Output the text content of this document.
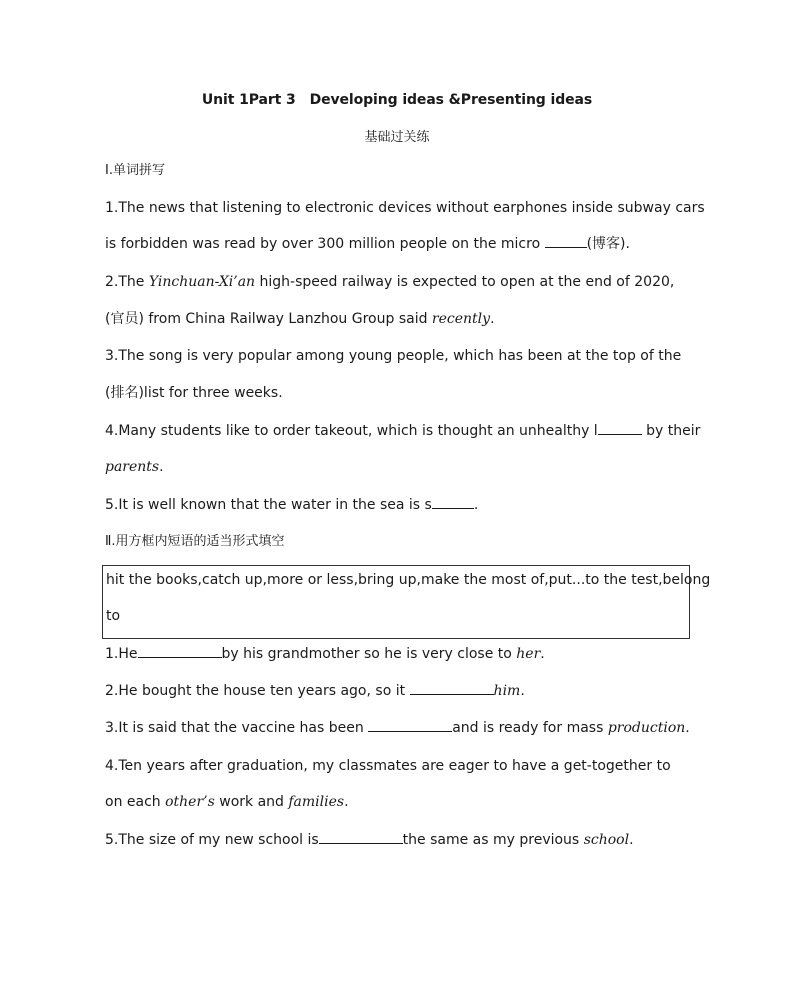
Unit 1Part 3　Developing ideas &Presenting ideas
基础过关练
Ⅰ.单词拼写
1.The news that listening to electronic devices without earphones inside subway cars
is forbidden was read by over 300 million people on the micro	(博客).
2.The Yinchuan-Xi’an high-speed railway is expected to open at the end of 2020,
(官员) from China Railway Lanzhou Group said recently.
3.The song is very popular among young people, which has been at the top of the
(排名)list for three weeks.
4.Many students like to order takeout, which is thought an unhealthy l	by their
parents.
5.It is well known that the water in the sea is s	.
Ⅱ.用方框内短语的适当形式填空
hit the books,catch up,more or less,bring up,make the most of,put...to the test,belong
to
1.He	by his grandmother so he is very close to her.
2.He bought the house ten years ago, so it	him.
3.It is said that the vaccine has been	and is ready for mass production.
4.Ten years after graduation, my classmates are eager to have a get-together to
on each other’s work and families.
5.The size of my new school is	the same as my previous school.
